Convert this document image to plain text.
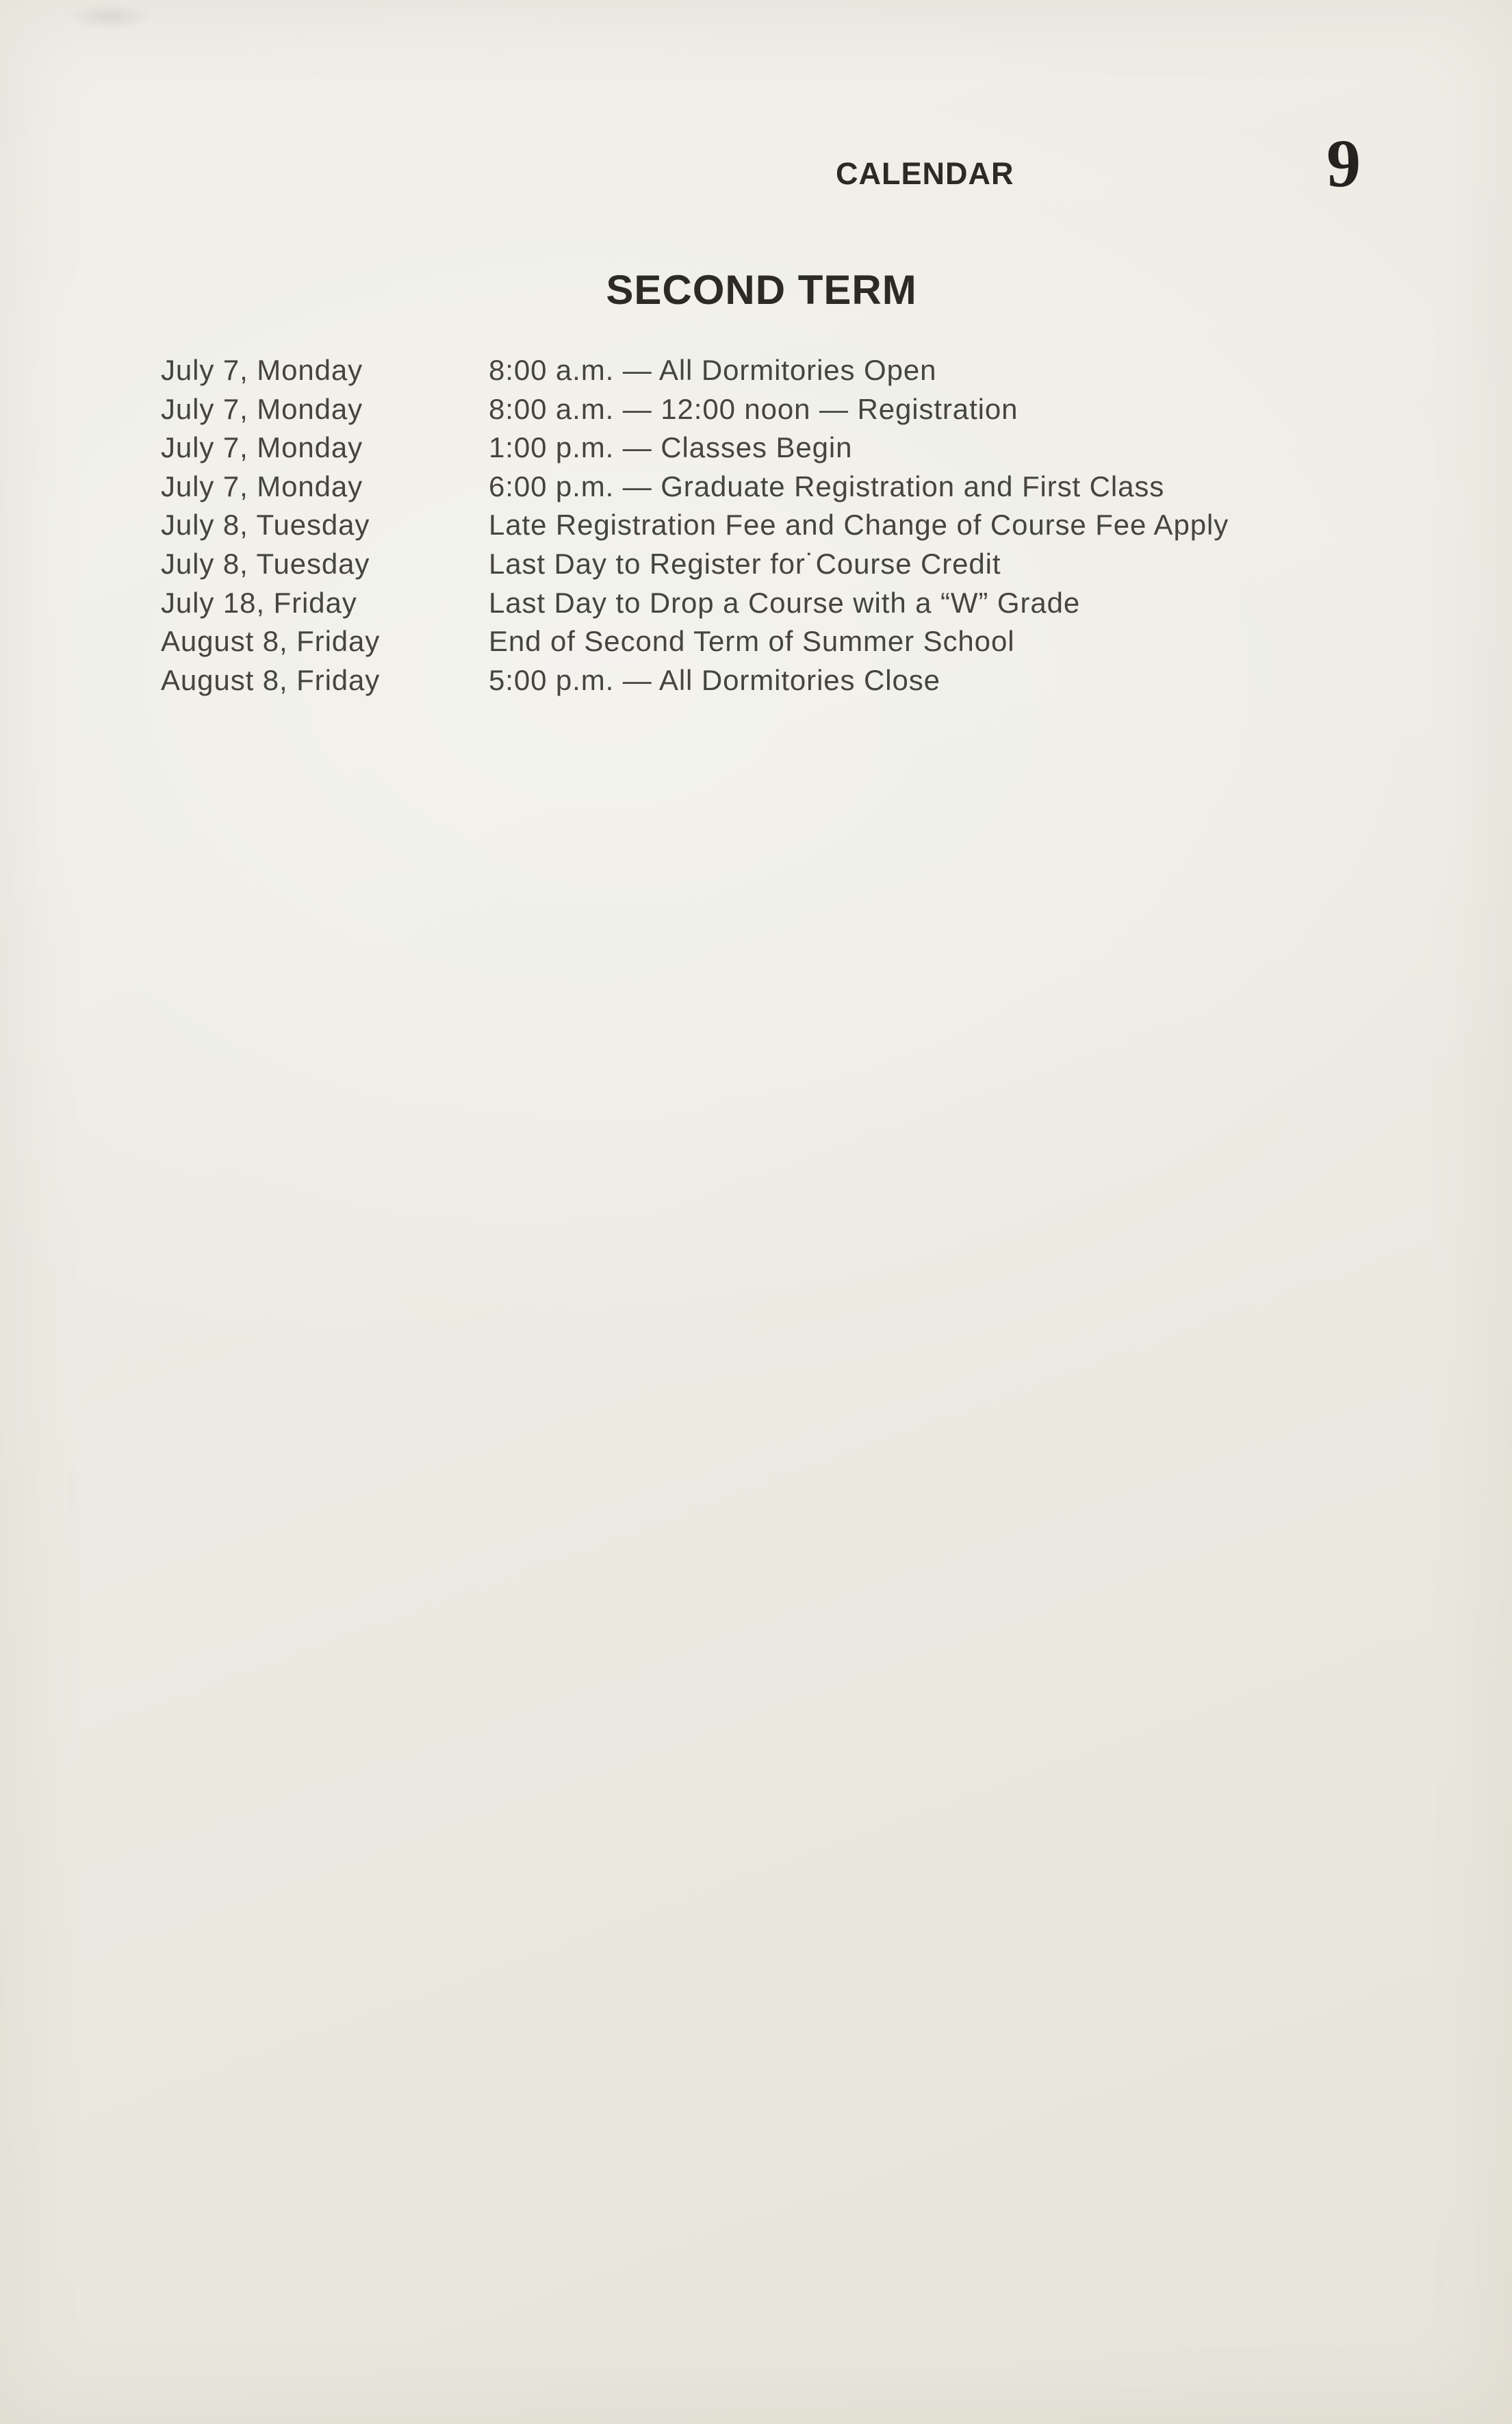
CALENDAR	9
SECOND TERM
July 7, Monday	8:00 a.m. — All Dormitories Open
July 7, Monday	8:00 a.m. — 12:00 noon — Registration
July 7, Monday	1:00 p.m. — Classes Begin
July 7, Monday	6:00 p.m. — Graduate Registration and First Class
July 8, Tuesday	Late Registration Fee and Change of Course Fee Apply
July 8, Tuesday	Last Day to Register for˙Course Credit
July 18, Friday	Last Day to Drop a Course with a “W” Grade
August 8, Friday	End of Second Term of Summer School
August 8, Friday	5:00 p.m. — All Dormitories Close
